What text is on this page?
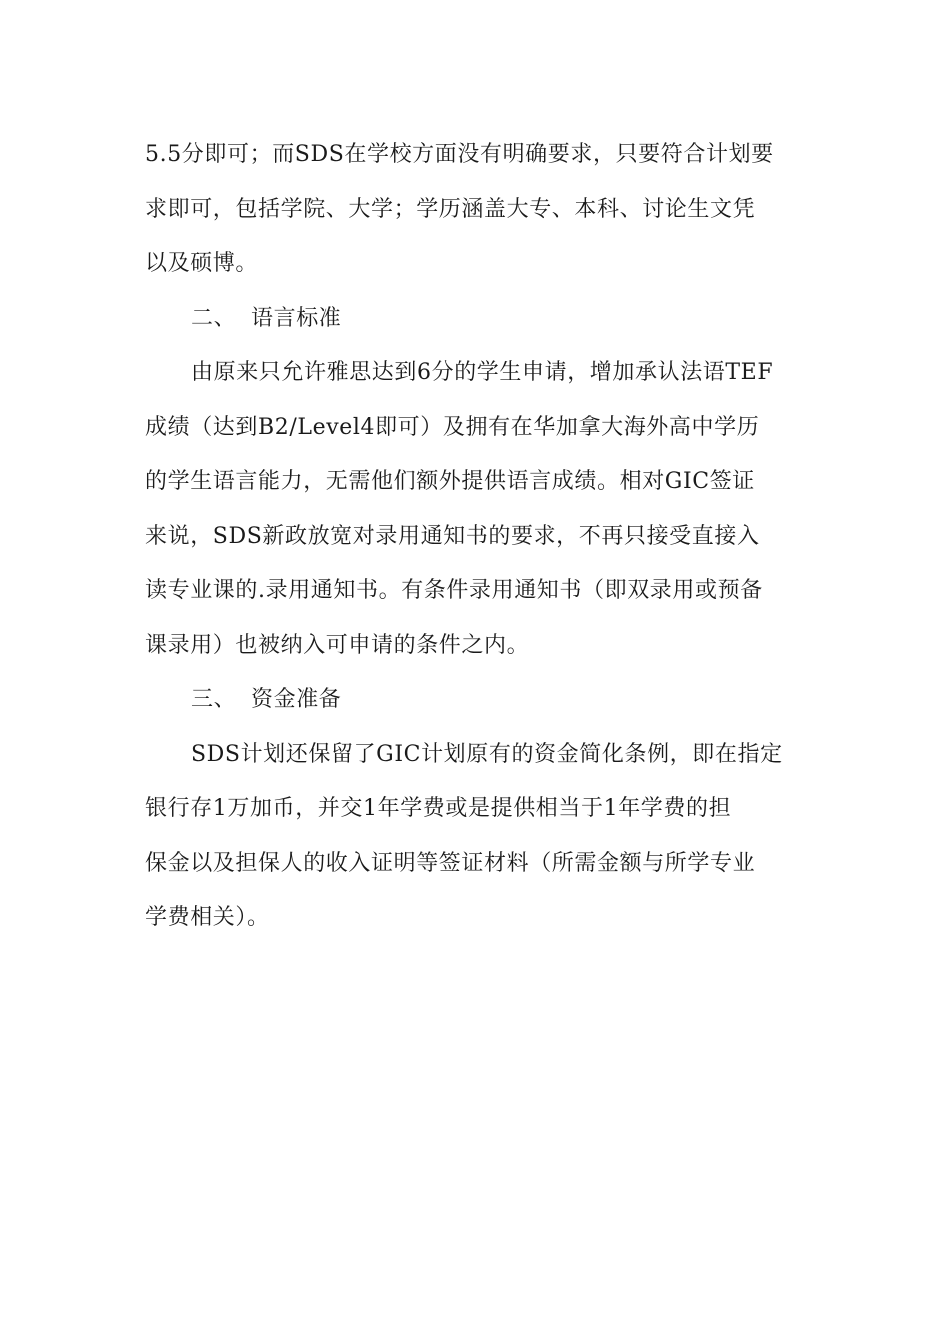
5.5分即可；而SDS在学校方面没有明确要求，只要符合计划要
求即可，包括学院、大学；学历涵盖大专、本科、讨论生文凭
以及硕博。
二、 语言标准
由原来只允许雅思达到6分的学生申请，增加承认法语TEF
成绩（达到B2/Level4即可）及拥有在华加拿大海外高中学历
的学生语言能力，无需他们额外提供语言成绩。相对GIC签证
来说，SDS新政放宽对录用通知书的要求，不再只接受直接入
读专业课的.录用通知书。有条件录用通知书（即双录用或预备
课录用）也被纳入可申请的条件之内。
三、 资金准备
SDS计划还保留了GIC计划原有的资金简化条例，即在指定
银行存1万加币，并交1年学费或是提供相当于1年学费的担
保金以及担保人的收入证明等签证材料（所需金额与所学专业
学费相关）。
